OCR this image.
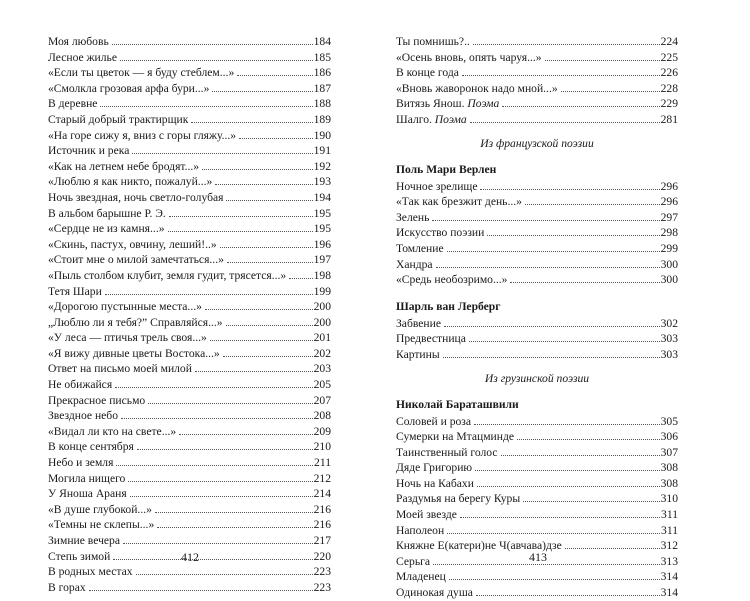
Моя любовь	184
Лесное жилье	185
«Если ты цветок — я буду стеблем...»	186
«Смолкла грозовая арфа бури...»	187
В деревне	188
Старый добрый трактирщик	189
«На горе сижу я, вниз с горы гляжу...»	190
Источник и река	191
«Как на летнем небе бродят...»	192
«Люблю я как никто, пожалуй...»	193
Ночь звездная, ночь светло-голубая	194
В альбом барышне Р. Э.	195
«Сердце не из камня...»	195
«Скинь, пастух, овчину, леший!..»	196
«Стоит мне о милой замечтаться...»	197
«Пыль столбом клубит, земля гудит, трясется...» 198
Тетя Шари	199
«Дорогою пустынные места...»	200
„Люблю ли я тебя?” Справляйся...»	200
«У леса — птичья трель своя...»	201
«Я вижу дивные цветы Востока...»	202
Ответ на письмо моей милой	203
Не обижайся	205
Прекрасное письмо	207
Звездное небо	208
«Видал ли кто на свете...»	209
В конце сентября	210
Небо и земля	211
Могила нищего	212
У Яноша Араня	214
«В душе глубокой...»	216
«Темны не склепы...»	216
Зимние вечера	217
Степь зимой	220
В родных местах	223
В горах	223
412
Ты помнишь?..	224
«Осень вновь, опять чаруя...»	225
В конце года	226
«Вновь жаворонок надо мной...»	228
Витязь Янош. Поэма	229
Шалго. Поэма	281
Из французской поэзии
Поль Мари Верлен
Ночное зрелище	296
«Так как брезжит день...»	296
Зелень	297
Искусство поэзии	298
Томление	299
Хандра	300
«Средь необозримо...»	300
Шарль ван Лерберг
Забвение	302
Предвестница	303
Картины	303
Из грузинской поэзии
Николай Бараташвили
Соловей и роза	305
Сумерки на Мтацминде	306
Таинственный голос	307
Дяде Григорию	308
Ночь на Кабахи	308
Раздумья на берегу Куры	310
Моей звезде	311
Наполеон	311
Княжне Е(катери)не Ч(авчава)дзе	312
Серьга	313
Младенец	314
Одинокая душа	314
413
